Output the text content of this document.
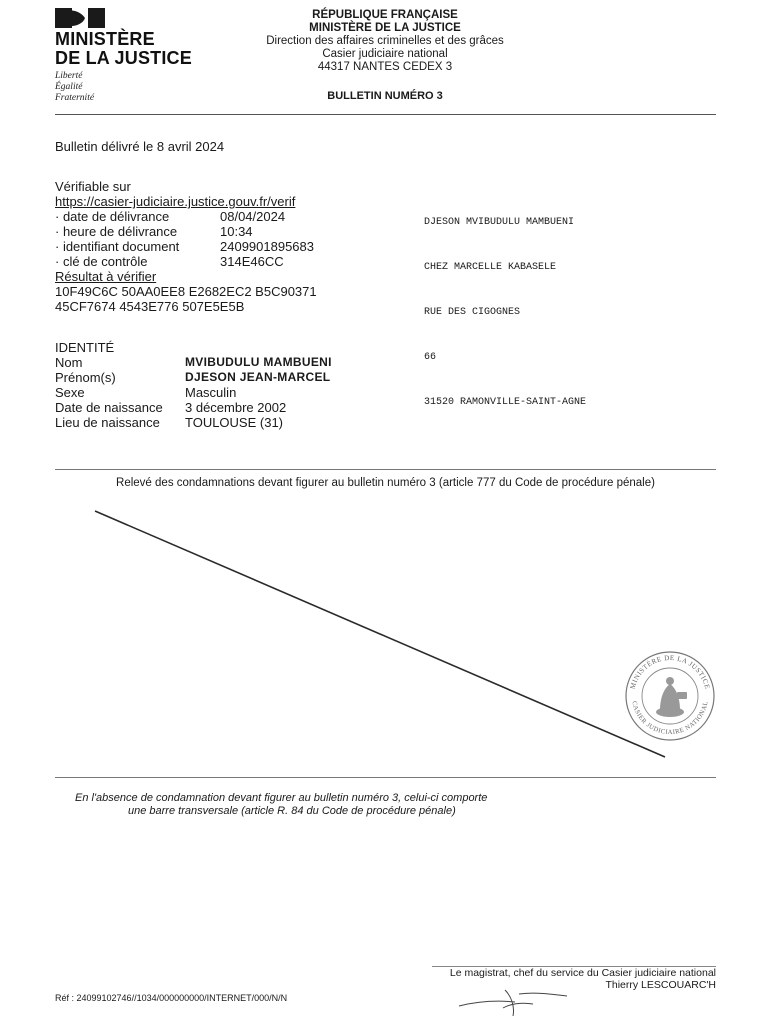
MINISTÈRE
DE LA JUSTICE
Liberté
Égalité
Fraternité
RÉPUBLIQUE FRANÇAISE
MINISTÈRE DE LA JUSTICE
Direction des affaires criminelles et des grâces
Casier judiciaire national
44317 NANTES CEDEX 3
BULLETIN NUMÉRO 3
Bulletin délivré le 8 avril 2024
Vérifiable sur
https://casier-judiciaire.justice.gouv.fr/verif
· date de délivrance	08/04/2024
· heure de délivrance	10:34
· identifiant document	2409901895683
· clé de contrôle	314E46CC
Résultat à vérifier
10F49C6C 50AA0EE8 E2682EC2 B5C90371
45CF7674 4543E776 507E5E5B

DJESON MVIBUDULU MAMBUENI

CHEZ MARCELLE KABASELE

RUE DES CIGOGNES

66

31520 RAMONVILLE-SAINT-AGNE

IDENTITÉ
Nom	MVIBUDULU MAMBUENI
Prénom(s)	DJESON JEAN-MARCEL
Sexe	Masculin
Date de naissance	3 décembre 2002
Lieu de naissance	TOULOUSE (31)
Relevé des condamnations devant figurer au bulletin numéro 3 (article 777 du Code de procédure pénale)
MINISTÈRE DE LA JUSTICE
CASIER JUDICIAIRE NATIONAL
En l'absence de condamnation devant figurer au bulletin numéro 3, celui-ci comporte
une barre transversale (article R. 84 du Code de procédure pénale)
Le magistrat, chef du service du Casier judiciaire national
Thierry LESCOUARC'H
Réf : 24099102746//1034/000000000/INTERNET/000/N/N
